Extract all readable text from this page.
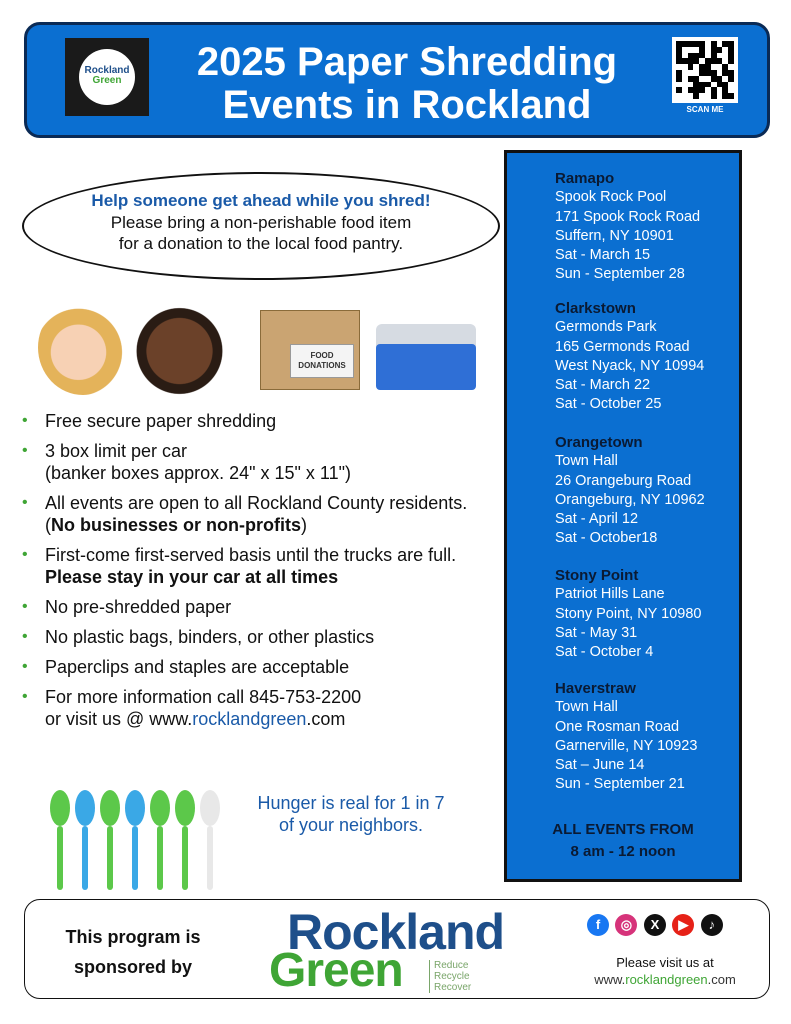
Rockland
Green	2025 Paper Shredding
Events in Rockland	SCAN ME
Help someone get ahead while you shred!
Please bring a non-perishable food item
for a donation to the local food pantry.
FOOD
DONATIONS
• Free secure paper shredding
• 3 box limit per car
(banker boxes approx. 24" x 15" x 11")
• All events are open to all Rockland County residents.
(No businesses or non-profits)
• First-come first-served basis until the trucks are full. Please stay in your car at all times
• No pre-shredded paper
• No plastic bags, binders, or other plastics
• Paperclips and staples are acceptable
• For more information call 845-753-2200
or visit us @ www.rocklandgreen.com
Hunger is real for 1 in 7
of your neighbors.	ALL EVENTS FROM
8 am - 12 noon
Ramapo
Spook Rock Pool
171 Spook Rock Road
Suffern, NY 10901
Sat - March 15
Sun - September 28
Clarkstown
Germonds Park
165 Germonds Road
West Nyack, NY 10994
Sat - March 22
Sat - October 25
Orangetown
Town Hall
26 Orangeburg Road
Orangeburg, NY 10962
Sat - April 12
Sat - October18
Stony Point
Patriot Hills Lane
Stony Point, NY 10980
Sat - May 31
Sat - October 4
Haverstraw
Town Hall
One Rosman Road
Garnerville, NY 10923
Sat – June 14
Sun - September 21
This program is
sponsored by
Rockland
Green	Reduce
Recycle
Recover
f ◎ X ▶ ♪
Please visit us at
www.rocklandgreen.com
